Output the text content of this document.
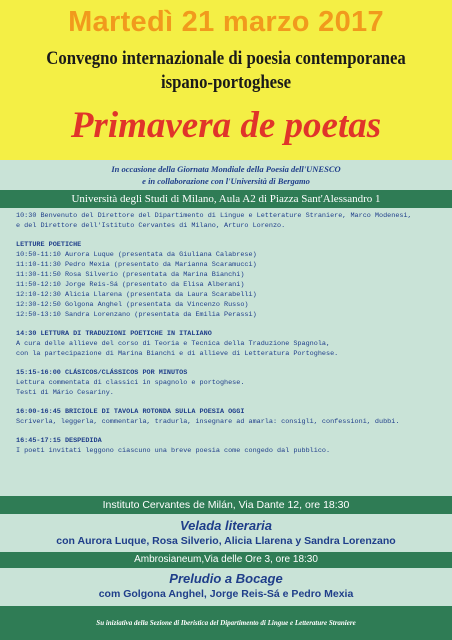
Martedì 21 marzo 2017
Convegno internazionale di poesia contemporanea
ispano-portoghese
Primavera de poetas
In occasione della Giornata Mondiale della Poesia dell'UNESCO
e in collaborazione con l'Università di Bergamo
Università degli Studi di Milano, Aula A2 di Piazza Sant'Alessandro 1
10:30 Benvenuto del Direttore del Dipartimento di Lingue e Letterature Straniere, Marco Modenesi,
e del Direttore dell'Istituto Cervantes di Milano, Arturo Lorenzo.
LETTURE POETICHE
10:50-11:10 Aurora Luque (presentata da Giuliana Calabrese)
11:10-11:30 Pedro Mexia (presentato da Marianna Scaramucci)
11:30-11:50 Rosa Silverio (presentata da Marina Bianchi)
11:50-12:10 Jorge Reis-Sá (presentato da Elisa Alberani)
12:10-12:30 Alicia Llarena (presentata da Laura Scarabelli)
12:30-12:50 Golgona Anghel (presentata da Vincenzo Russo)
12:50-13:10 Sandra Lorenzano (presentata da Emilia Perassi)
14:30 LETTURA DI TRADUZIONI POETICHE IN ITALIANO
A cura delle allieve del corso di Teoria e Tecnica della Traduzione Spagnola,
con la partecipazione di Marina Bianchi e di allieve di Letteratura Portoghese.
15:15-16:00 CLÁSICOS/CLÁSSICOS POR MINUTOS
Lettura commentata di classici in spagnolo e portoghese.
Testi di Mário Cesariny.
16:00-16:45 BRICIOLE DI TAVOLA ROTONDA SULLA POESIA OGGI
Scriverla, leggerla, commentarla, tradurla, insegnare ad amarla: consigli, confessioni, dubbi.
16:45-17:15 DESPEDIDA
I poeti invitati leggono ciascuno una breve poesia come congedo dal pubblico.
Instituto Cervantes de Milán, Via Dante 12, ore 18:30
Velada literaria
con Aurora Luque, Rosa Silverio, Alicia Llarena y Sandra Lorenzano
Ambrosianeum,Via delle Ore 3, ore 18:30
Preludio a Bocage
com Golgona Anghel, Jorge Reis-Sá e Pedro Mexia
Su iniziativa della Sezione di Iberistica del Dipartimento di Lingue e Letterature Straniere
